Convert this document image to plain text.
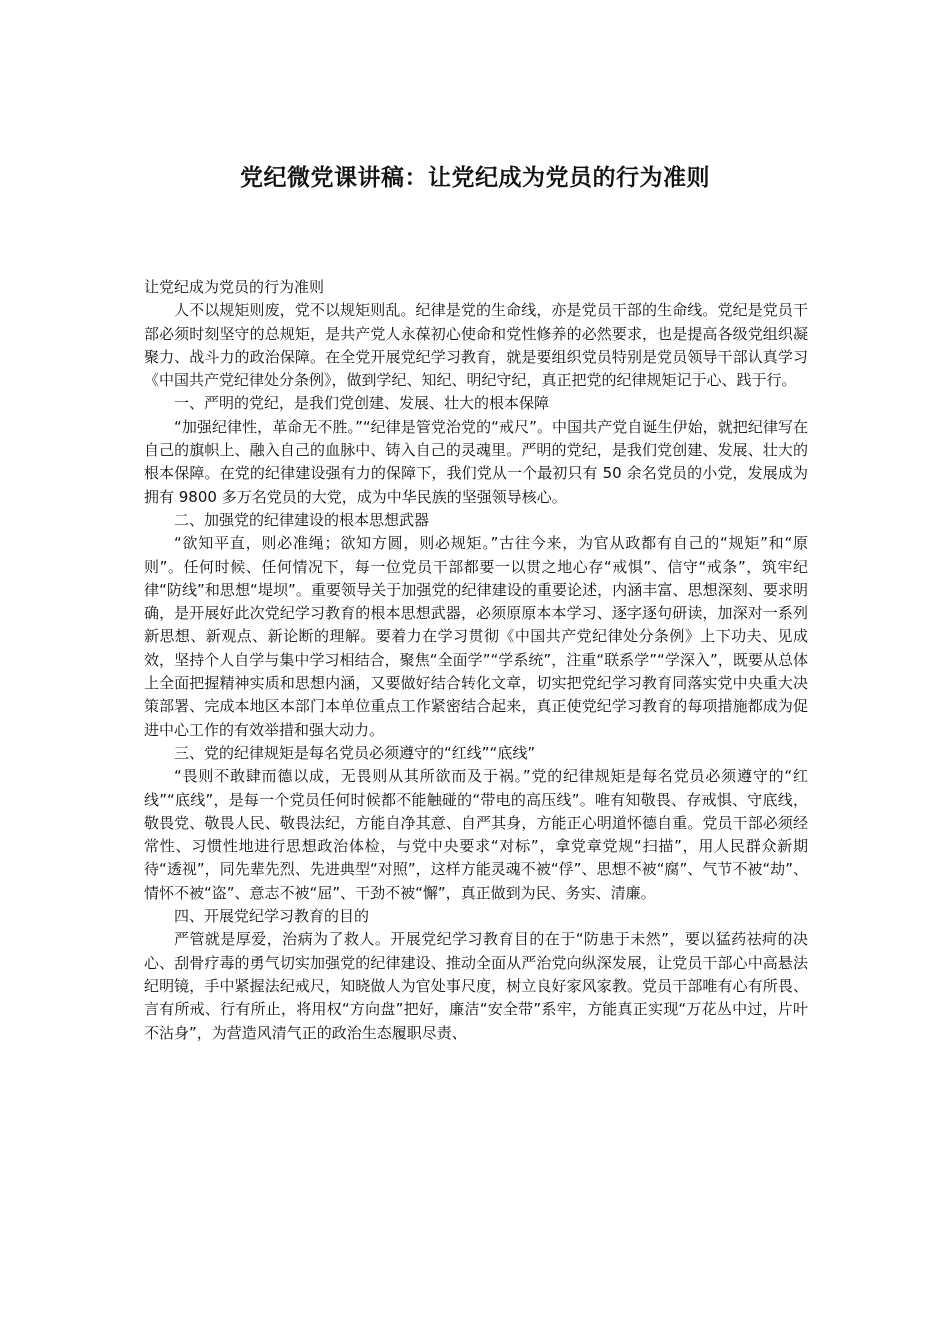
党纪微党课讲稿：让党纪成为党员的行为准则

让党纪成为党员的行为准则

人不以规矩则废，党不以规矩则乱。纪律是党的生命线，亦是党员干部的生命线。党纪是党员干部必须时刻坚守的总规矩，是共产党人永葆初心使命和党性修养的必然要求，也是提高各级党组织凝聚力、战斗力的政治保障。在全党开展党纪学习教育，就是要组织党员特别是党员领导干部认真学习《中国共产党纪律处分条例》，做到学纪、知纪、明纪守纪，真正把党的纪律规矩记于心、践于行。

一、严明的党纪，是我们党创建、发展、壮大的根本保障

“加强纪律性，革命无不胜。”“纪律是管党治党的“戒尺”。中国共产党自诞生伊始，就把纪律写在自己的旗帜上、融入自己的血脉中、铸入自己的灵魂里。严明的党纪，是我们党创建、发展、壮大的根本保障。在党的纪律建设强有力的保障下，我们党从一个最初只有 50 余名党员的小党，发展成为拥有 9800 多万名党员的大党，成为中华民族的坚强领导核心。

二、加强党的纪律建设的根本思想武器

“欲知平直，则必准绳；欲知方圆，则必规矩。”古往今来，为官从政都有自己的“规矩”和“原则”。任何时候、任何情况下，每一位党员干部都要一以贯之地心存“戒惧”、信守“戒条”，筑牢纪律“防线”和思想“堤坝”。重要领导关于加强党的纪律建设的重要论述，内涵丰富、思想深刻、要求明确，是开展好此次党纪学习教育的根本思想武器，必须原原本本学习、逐字逐句研读，加深对一系列新思想、新观点、新论断的理解。要着力在学习贯彻《中国共产党纪律处分条例》上下功夫、见成效，坚持个人自学与集中学习相结合，聚焦“全面学”“学系统”，注重“联系学”“学深入”，既要从总体上全面把握精神实质和思想内涵，又要做好结合转化文章，切实把党纪学习教育同落实党中央重大决策部署、完成本地区本部门本单位重点工作紧密结合起来，真正使党纪学习教育的每项措施都成为促进中心工作的有效举措和强大动力。

三、党的纪律规矩是每名党员必须遵守的“红线”“底线”

“畏则不敢肆而德以成，无畏则从其所欲而及于祸。”党的纪律规矩是每名党员必须遵守的“红线”“底线”，是每一个党员任何时候都不能触碰的“带电的高压线”。唯有知敬畏、存戒惧、守底线，敬畏党、敬畏人民、敬畏法纪，方能自净其意、自严其身，方能正心明道怀德自重。党员干部必须经常性、习惯性地进行思想政治体检，与党中央要求“对标”，拿党章党规“扫描”，用人民群众新期待“透视”，同先辈先烈、先进典型“对照”，这样方能灵魂不被“俘”、思想不被“腐”、气节不被“劫”、情怀不被“盗”、意志不被“屈”、干劲不被“懈”，真正做到为民、务实、清廉。

四、开展党纪学习教育的目的

严管就是厚爱，治病为了救人。开展党纪学习教育目的在于“防患于未然”，要以猛药祛疴的决心、刮骨疗毒的勇气切实加强党的纪律建设、推动全面从严治党向纵深发展，让党员干部心中高悬法纪明镜，手中紧握法纪戒尺，知晓做人为官处事尺度，树立良好家风家教。党员干部唯有心有所畏、言有所戒、行有所止，将用权“方向盘”把好，廉洁“安全带”系牢，方能真正实现“万花丛中过，片叶不沾身”，为营造风清气正的政治生态履职尽责、
